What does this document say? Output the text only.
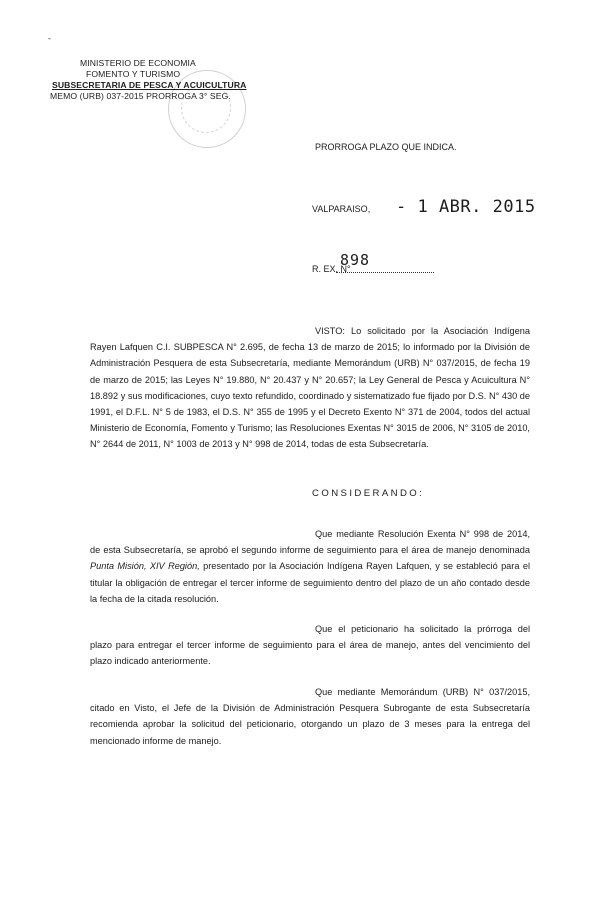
-
MINISTERIO DE ECONOMIA
FOMENTO Y TURISMO
SUBSECRETARIA DE PESCA Y ACUICULTURA
MEMO (URB) 037-2015 PRORROGA 3° SEG.
PRORROGA PLAZO QUE INDICA.
VALPARAISO, - 1 ABR. 2015
R. EX. N°
898
VISTO: Lo solicitado por la Asociación Indígena Rayen Lafquen C.I. SUBPESCA N° 2.695, de fecha 13 de marzo de 2015; lo informado por la División de Administración Pesquera de esta Subsecretaría, mediante Memorándum (URB) N° 037/2015, de fecha 19 de marzo de 2015; las Leyes N° 19.880, N° 20.437 y N° 20.657; la Ley General de Pesca y Acuicultura N° 18.892 y sus modificaciones, cuyo texto refundido, coordinado y sistematizado fue fijado por D.S. N° 430 de 1991, el D.F.L. N° 5 de 1983, el D.S. N° 355 de 1995 y el Decreto Exento N° 371 de 2004, todos del actual Ministerio de Economía, Fomento y Turismo; las Resoluciones Exentas N° 3015 de 2006, N° 3105 de 2010, N° 2644 de 2011, N° 1003 de 2013 y N° 998 de 2014, todas de esta Subsecretaría.
CONSIDERANDO:
Que mediante Resolución Exenta N° 998 de 2014, de esta Subsecretaría, se aprobó el segundo informe de seguimiento para el área de manejo denominada Punta Misión, XIV Región, presentado por la Asociación Indígena Rayen Lafquen, y se estableció para el titular la obligación de entregar el tercer informe de seguimiento dentro del plazo de un año contado desde la fecha de la citada resolución.
Que el peticionario ha solicitado la prórroga del plazo para entregar el tercer informe de seguimiento para el área de manejo, antes del vencimiento del plazo indicado anteriormente.
Que mediante Memorándum (URB) N° 037/2015, citado en Visto, el Jefe de la División de Administración Pesquera Subrogante de esta Subsecretaría recomienda aprobar la solicitud del peticionario, otorgando un plazo de 3 meses para la entrega del mencionado informe de manejo.
